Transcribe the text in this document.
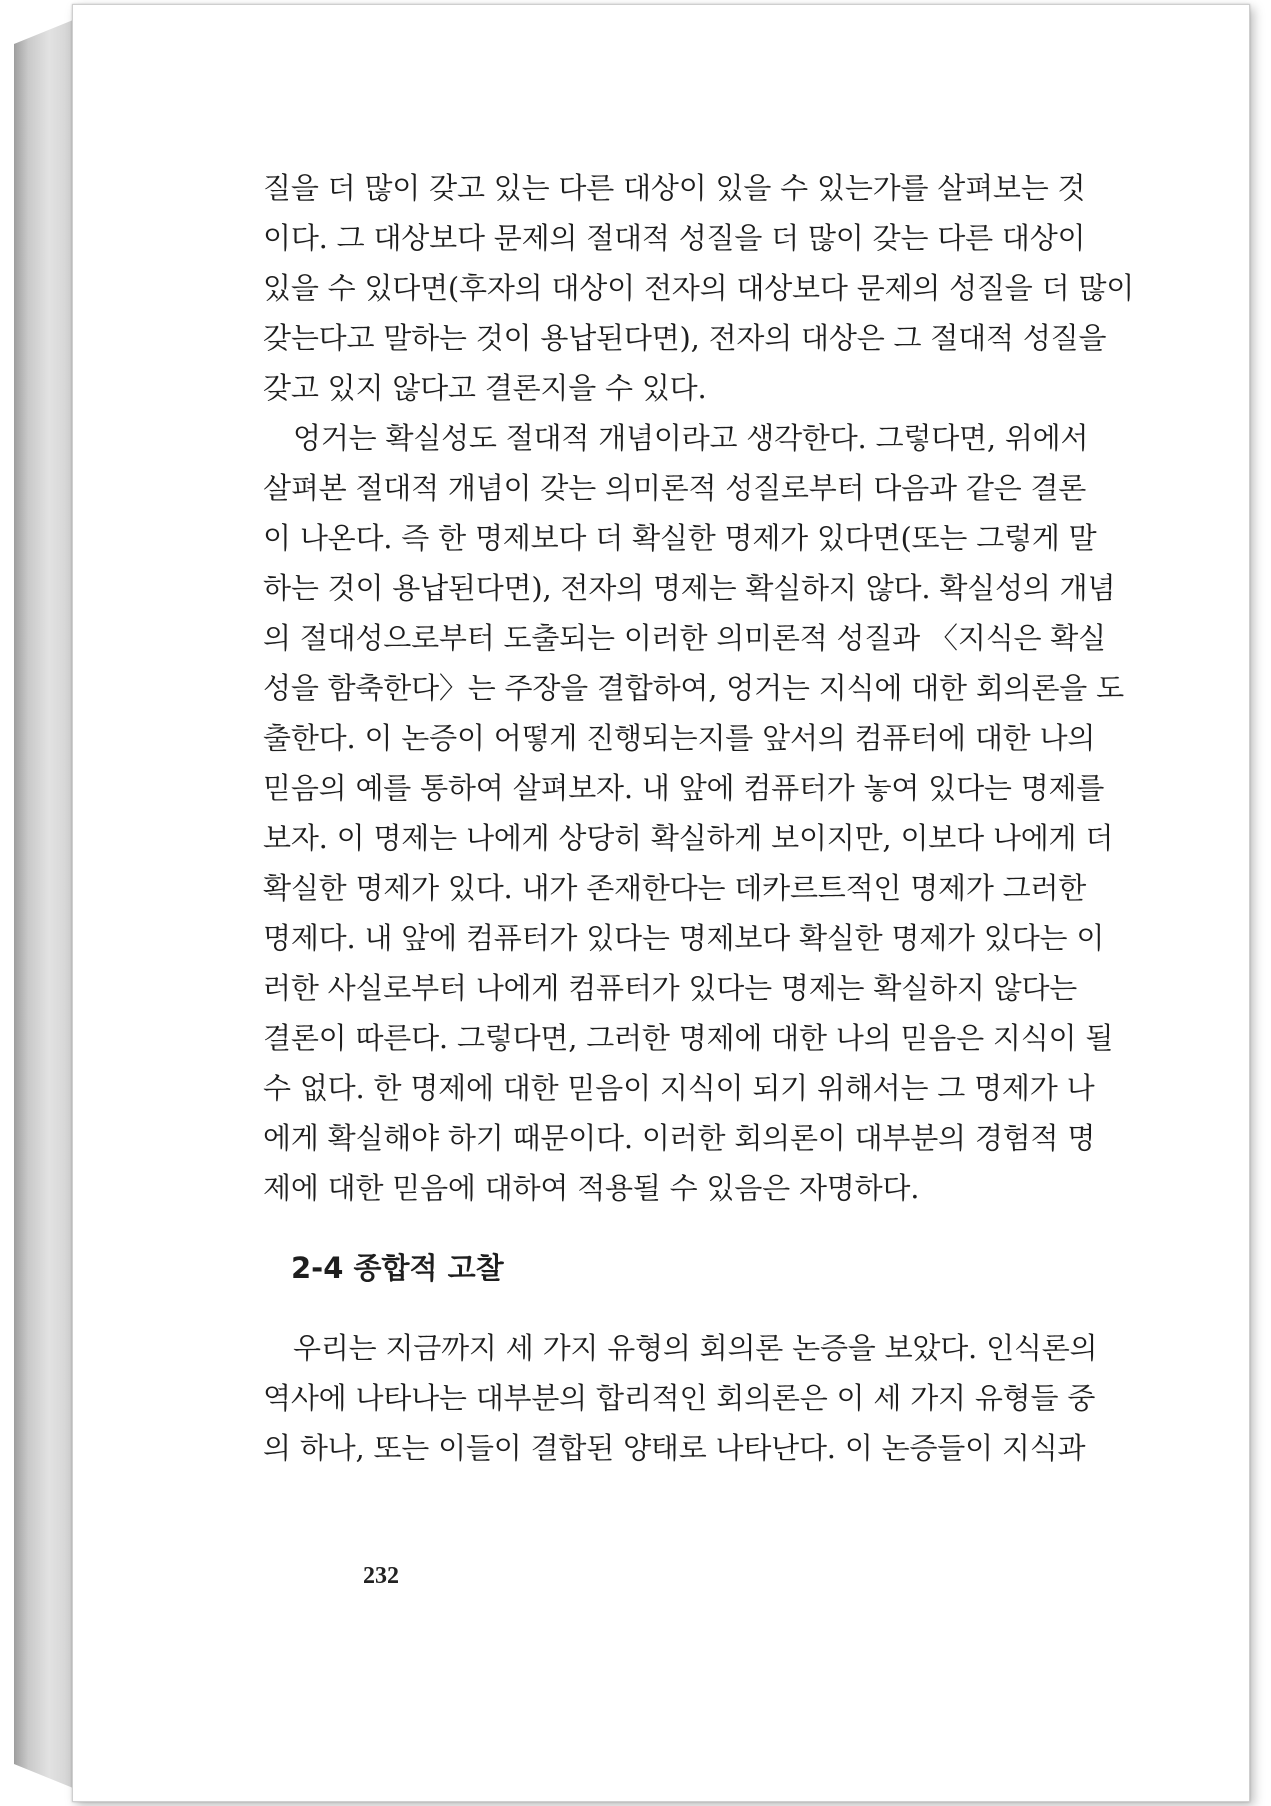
질을 더 많이 갖고 있는 다른 대상이 있을 수 있는가를 살펴보는 것
이다. 그 대상보다 문제의 절대적 성질을 더 많이 갖는 다른 대상이
있을 수 있다면(후자의 대상이 전자의 대상보다 문제의 성질을 더 많이
갖는다고 말하는 것이 용납된다면), 전자의 대상은 그 절대적 성질을
갖고 있지 않다고 결론지을 수 있다.

엉거는 확실성도 절대적 개념이라고 생각한다. 그렇다면, 위에서
살펴본 절대적 개념이 갖는 의미론적 성질로부터 다음과 같은 결론
이 나온다. 즉 한 명제보다 더 확실한 명제가 있다면(또는 그렇게 말
하는 것이 용납된다면), 전자의 명제는 확실하지 않다. 확실성의 개념
의 절대성으로부터 도출되는 이러한 의미론적 성질과 〈지식은 확실
성을 함축한다〉는 주장을 결합하여, 엉거는 지식에 대한 회의론을 도
출한다. 이 논증이 어떻게 진행되는지를 앞서의 컴퓨터에 대한 나의
믿음의 예를 통하여 살펴보자. 내 앞에 컴퓨터가 놓여 있다는 명제를
보자. 이 명제는 나에게 상당히 확실하게 보이지만, 이보다 나에게 더
확실한 명제가 있다. 내가 존재한다는 데카르트적인 명제가 그러한
명제다. 내 앞에 컴퓨터가 있다는 명제보다 확실한 명제가 있다는 이
러한 사실로부터 나에게 컴퓨터가 있다는 명제는 확실하지 않다는
결론이 따른다. 그렇다면, 그러한 명제에 대한 나의 믿음은 지식이 될
수 없다. 한 명제에 대한 믿음이 지식이 되기 위해서는 그 명제가 나
에게 확실해야 하기 때문이다. 이러한 회의론이 대부분의 경험적 명
제에 대한 믿음에 대하여 적용될 수 있음은 자명하다.

2-4 종합적 고찰

우리는 지금까지 세 가지 유형의 회의론 논증을 보았다. 인식론의
역사에 나타나는 대부분의 합리적인 회의론은 이 세 가지 유형들 중
의 하나, 또는 이들이 결합된 양태로 나타난다. 이 논증들이 지식과

232
